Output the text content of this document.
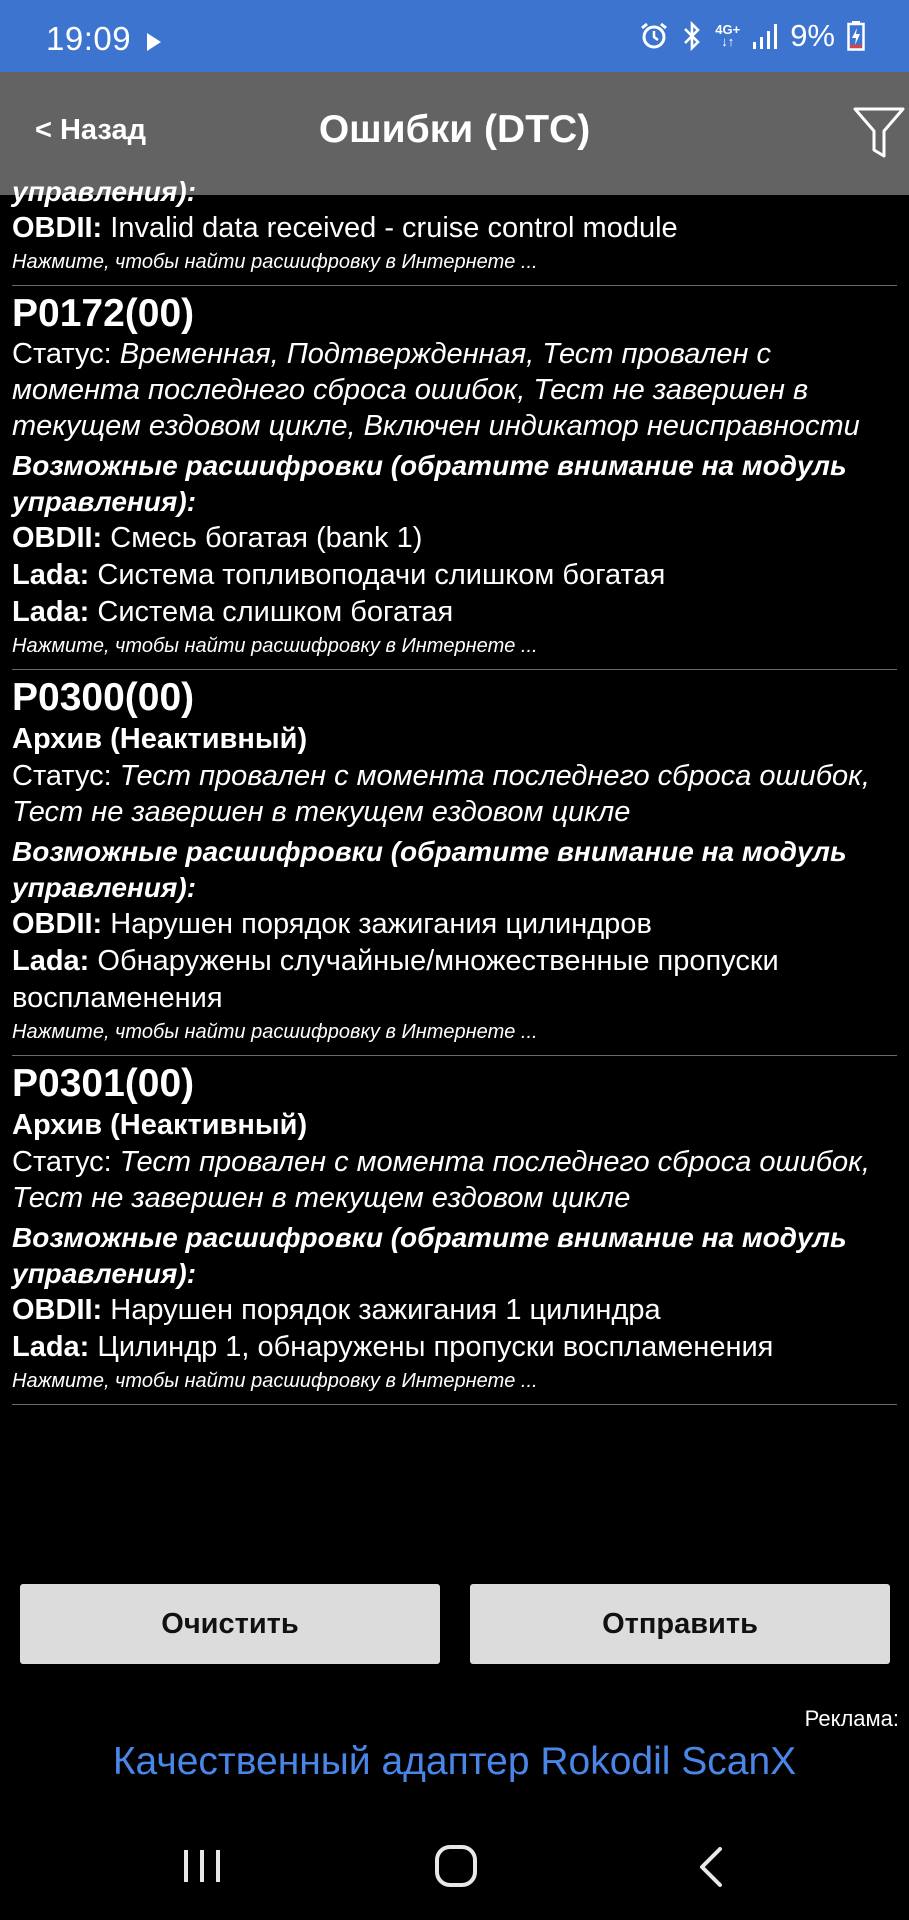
19:09	4G+
↓↑ 9%
< Назад	Ошибки (DTC)
управления):
OBDII: Invalid data received - cruise control module
Нажмите, чтобы найти расшифровку в Интернете ...
P0172(00)
Статус: Временная, Подтвержденная, Тест провален с момента последнего сброса ошибок, Тест не завершен в текущем ездовом цикле, Включен индикатор неисправности
Возможные расшифровки (обратите внимание на модуль управления):
OBDII: Смесь богатая (bank 1)
Lada: Система топливоподачи слишком богатая
Lada: Система слишком богатая
Нажмите, чтобы найти расшифровку в Интернете ...
P0300(00)
Архив (Неактивный)
Статус: Тест провален с момента последнего сброса ошибок, Тест не завершен в текущем ездовом цикле
Возможные расшифровки (обратите внимание на модуль управления):
OBDII: Нарушен порядок зажигания цилиндров
Lada: Обнаружены случайные/множественные пропуски воспламенения
Нажмите, чтобы найти расшифровку в Интернете ...
P0301(00)
Архив (Неактивный)
Статус: Тест провален с момента последнего сброса ошибок, Тест не завершен в текущем ездовом цикле
Возможные расшифровки (обратите внимание на модуль управления):
OBDII: Нарушен порядок зажигания 1 цилиндра
Lada: Цилиндр 1, обнаружены пропуски воспламенения
Нажмите, чтобы найти расшифровку в Интернете ...
Очистить	Отправить
Реклама:
Качественный адаптер Rokodil ScanX
